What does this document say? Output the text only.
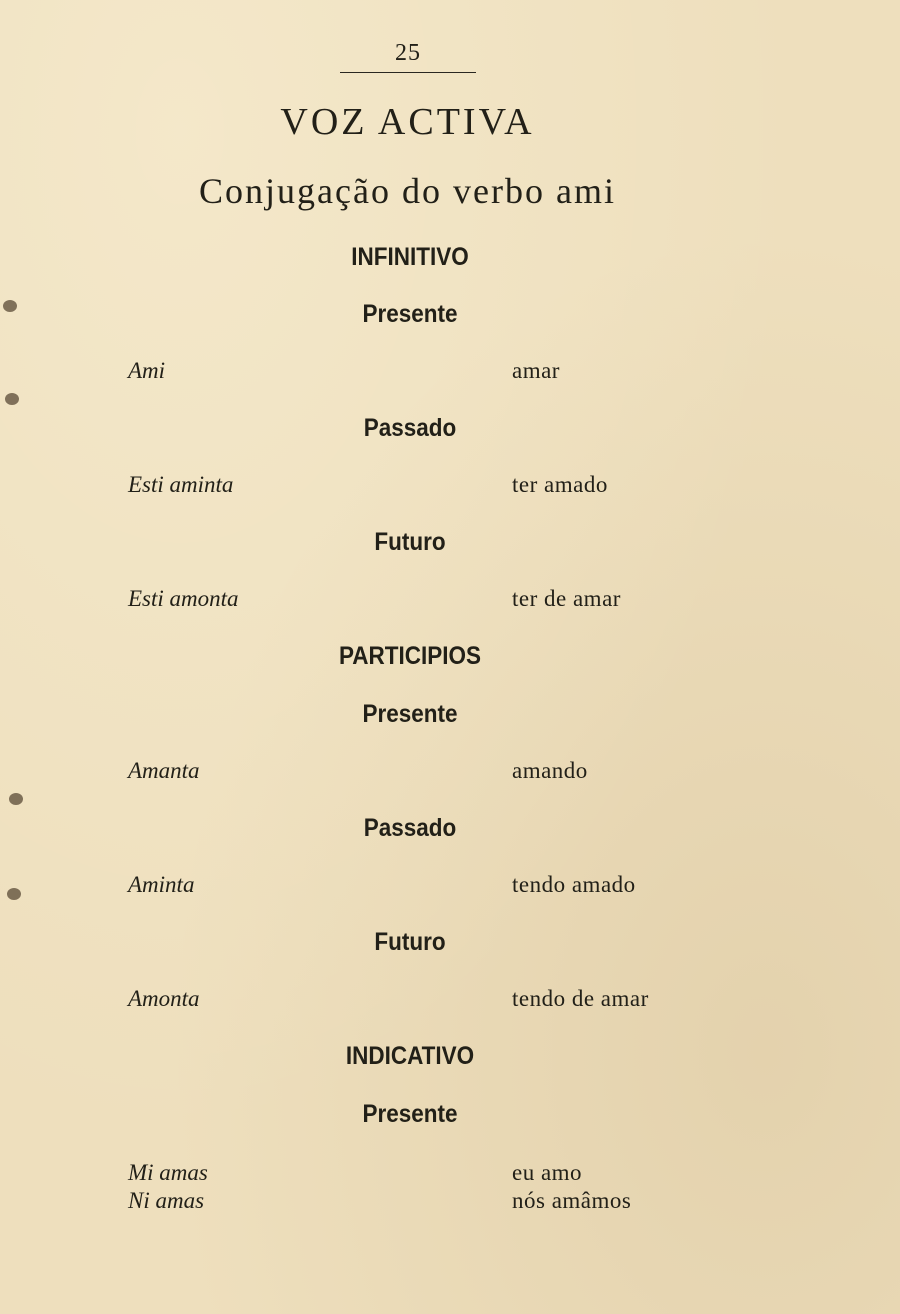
25
VOZ ACTIVA
Conjugação do verbo ami
INFINITIVO
Presente
Ami	amar
Passado
Esti aminta	ter amado
Futuro
Esti amonta	ter de amar
PARTICIPIOS
Presente
Amanta	amando
Passado
Aminta	tendo amado
Futuro
Amonta	tendo de amar
INDICATIVO
Presente
Mi amas	eu amo
Ni amas	nós amâmos
